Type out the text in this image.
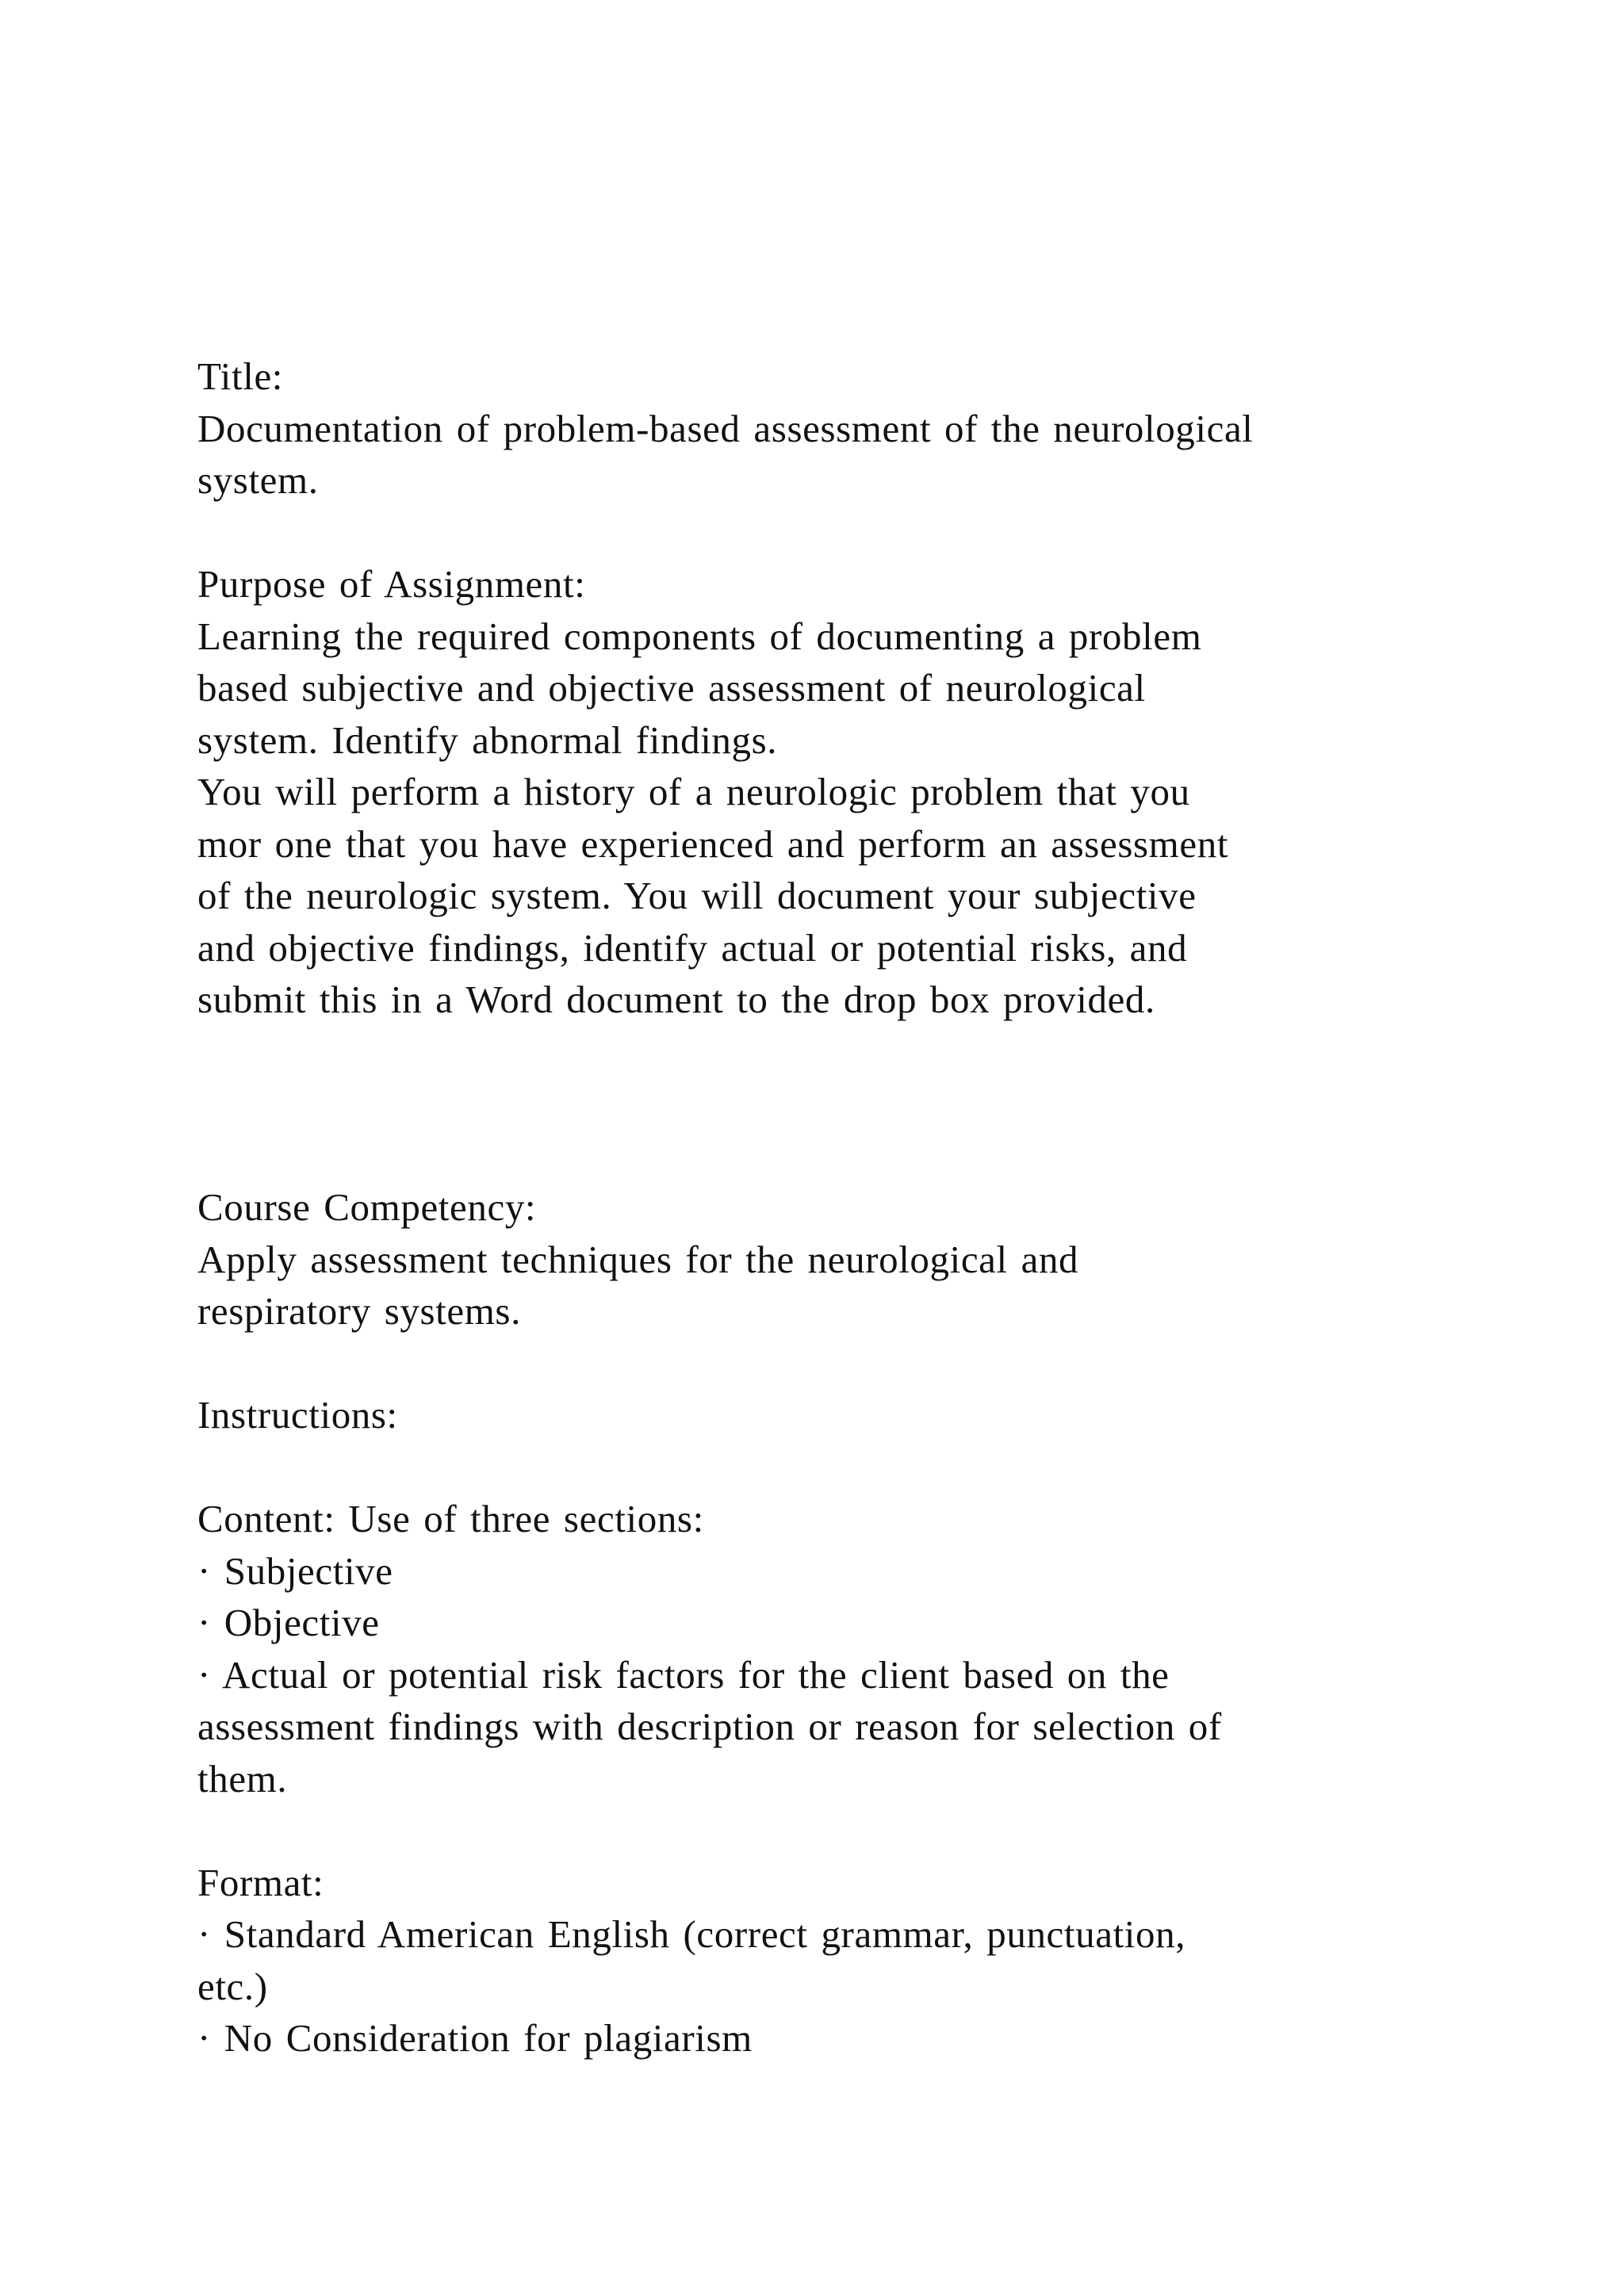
Title:
Documentation of problem-based assessment of the neurological
system.
Purpose of Assignment:
Learning the required components of documenting a problem
based subjective and objective assessment of neurological
system. Identify abnormal findings.
You will perform a history of a neurologic problem that you
mor one that you have experienced and perform an assessment
of the neurologic system. You will document your subjective
and objective findings, identify actual or potential risks, and
submit this in a Word document to the drop box provided.
Course Competency:
Apply assessment techniques for the neurological and
respiratory systems.
Instructions:
Content: Use of three sections:
· Subjective
· Objective
· Actual or potential risk factors for the client based on the
assessment findings with description or reason for selection of
them.
Format:
· Standard American English (correct grammar, punctuation,
etc.)
· No Consideration for plagiarism
